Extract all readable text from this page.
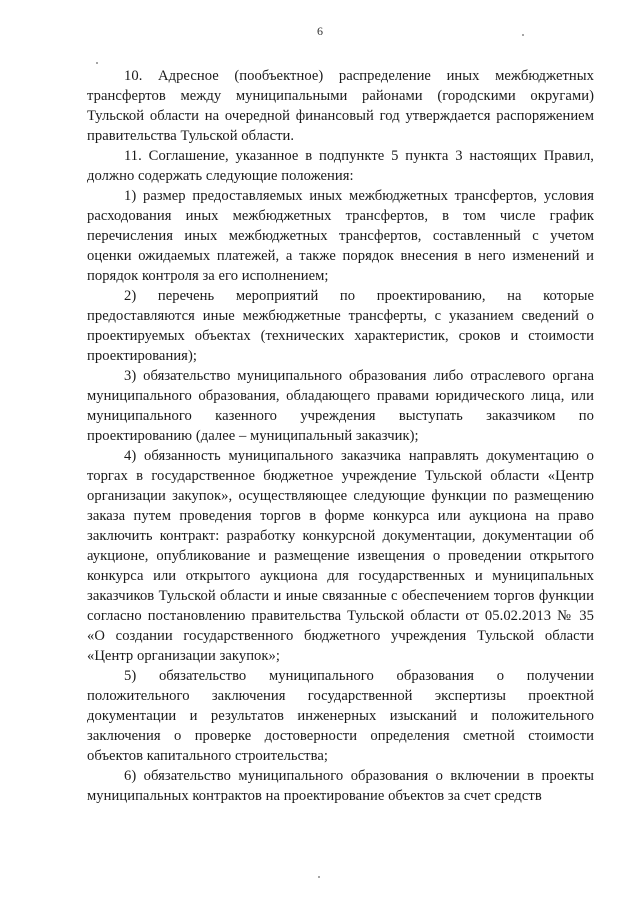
6

10. Адресное (пообъектное) распределение иных межбюджетных трансфертов между муниципальными районами (городскими округами) Тульской области на очередной финансовый год утверждается распоряжением правительства Тульской области.

11. Соглашение, указанное в подпункте 5 пункта 3 настоящих Правил, должно содержать следующие положения:

1) размер предоставляемых иных межбюджетных трансфертов, условия расходования иных межбюджетных трансфертов, в том числе график перечисления иных межбюджетных трансфертов, составленный с учетом оценки ожидаемых платежей, а также порядок внесения в него изменений и порядок контроля за его исполнением;

2) перечень мероприятий по проектированию, на которые предоставляются иные межбюджетные трансферты, с указанием сведений о проектируемых объектах (технических характеристик, сроков и стоимости проектирования);

3) обязательство муниципального образования либо отраслевого органа муниципального образования, обладающего правами юридического лица, или муниципального казенного учреждения выступать заказчиком по проектированию (далее – муниципальный заказчик);

4) обязанность муниципального заказчика направлять документацию о торгах в государственное бюджетное учреждение Тульской области «Центр организации закупок», осуществляющее следующие функции по размещению заказа путем проведения торгов в форме конкурса или аукциона на право заключить контракт: разработку конкурсной документации, документации об аукционе, опубликование и размещение извещения о проведении открытого конкурса или открытого аукциона для государственных и муниципальных заказчиков Тульской области и иные связанные с обеспечением торгов функции согласно постановлению правительства Тульской области от 05.02.2013 № 35 «О создании государственного бюджетного учреждения Тульской области «Центр организации закупок»;

5) обязательство муниципального образования о получении положительного заключения государственной экспертизы проектной документации и результатов инженерных изысканий и положительного заключения о проверке достоверности определения сметной стоимости объектов капитального строительства;

6) обязательство муниципального образования о включении в проекты муниципальных контрактов на проектирование объектов за счет средств
